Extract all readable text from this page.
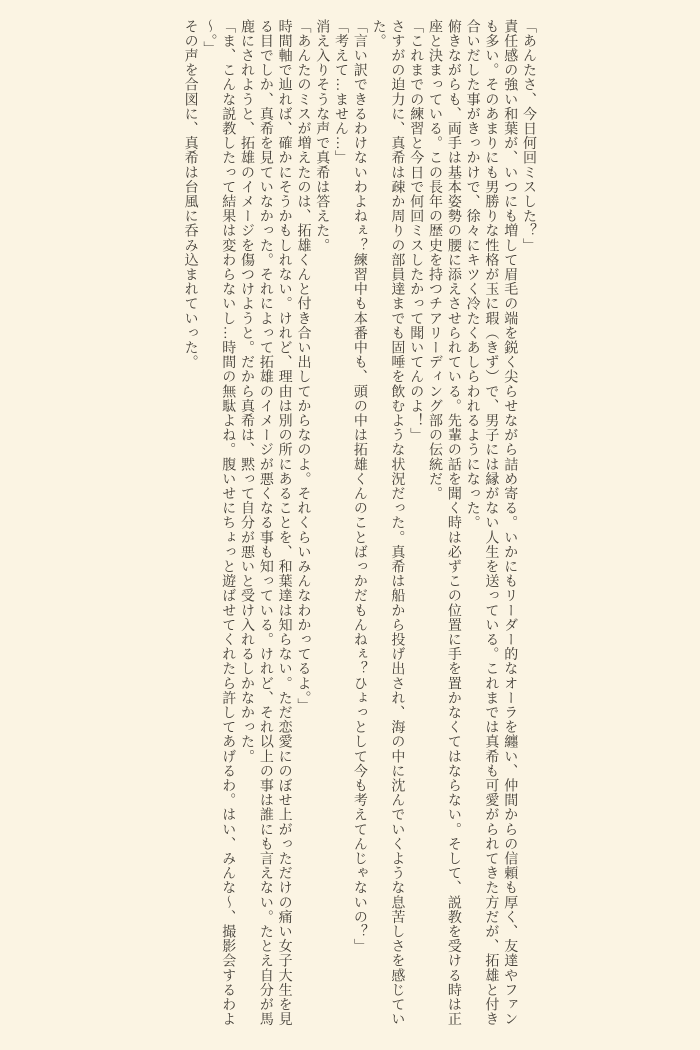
「あんたさ、今日何回ミスした？」

責任感の強い和葉が、いつにも増して眉毛の端を鋭く尖らせながら詰め寄る。いかにもリーダー的なオーラを纏い、仲間からの信頼も厚く、友達やファンも多い。そのあまりにも男勝りな性格が玉に瑕（きず）で、男子には縁がない人生を送っている。これまでは真希も可愛がられてきた方だが、拓雄と付き合いだした事がきっかけで、徐々にキツく冷たくあしらわれるようになった。

俯きながらも、両手は基本姿勢の腰に添えさせられている。先輩の話を聞く時は必ずこの位置に手を置かなくてはならない。そして、説教を受ける時は正座と決まっている。この長年の歴史を持つチアリーディング部の伝統だ。

「これまでの練習と今日で何回ミスしたかって聞いてんのよ！」

さすがの迫力に、真希は疎か周りの部員達までも固唾を飲むような状況だった。真希は船から投げ出され、海の中に沈んでいくような息苦しさを感じていた。

「言い訳できるわけないわよねぇ？練習中も本番中も、頭の中は拓雄くんのことばっかだもんねぇ？ひょっとして今も考えてんじゃないの？」

「考えて…ません…」

消え入りそうな声で真希は答えた。

「あんたのミスが増えたのは、拓雄くんと付き合い出してからなのよ。それくらいみんなわかってるよ。」

時間軸で辿れば、確かにそうかもしれない。けれど、理由は別の所にあることを、和葉達は知らない。ただ恋愛にのぼせ上がっただけの痛い女子大生を見る目でしか、真希を見ていなかった。それによって拓雄のイメージが悪くなる事も知っている。けれど、それ以上の事は誰にも言えない。たとえ自分が馬鹿にされようと、拓雄のイメージを傷つけようと。だから真希は、黙って自分が悪いと受け入れるしかなかった。

「ま、こんな説教したって結果は変わらないし…時間の無駄よね。腹いせにちょっと遊ばせてくれたら許してあげるわ。はい、みんな～、撮影会するわよ～。」

その声を合図に、真希は台風に呑み込まれていった。
